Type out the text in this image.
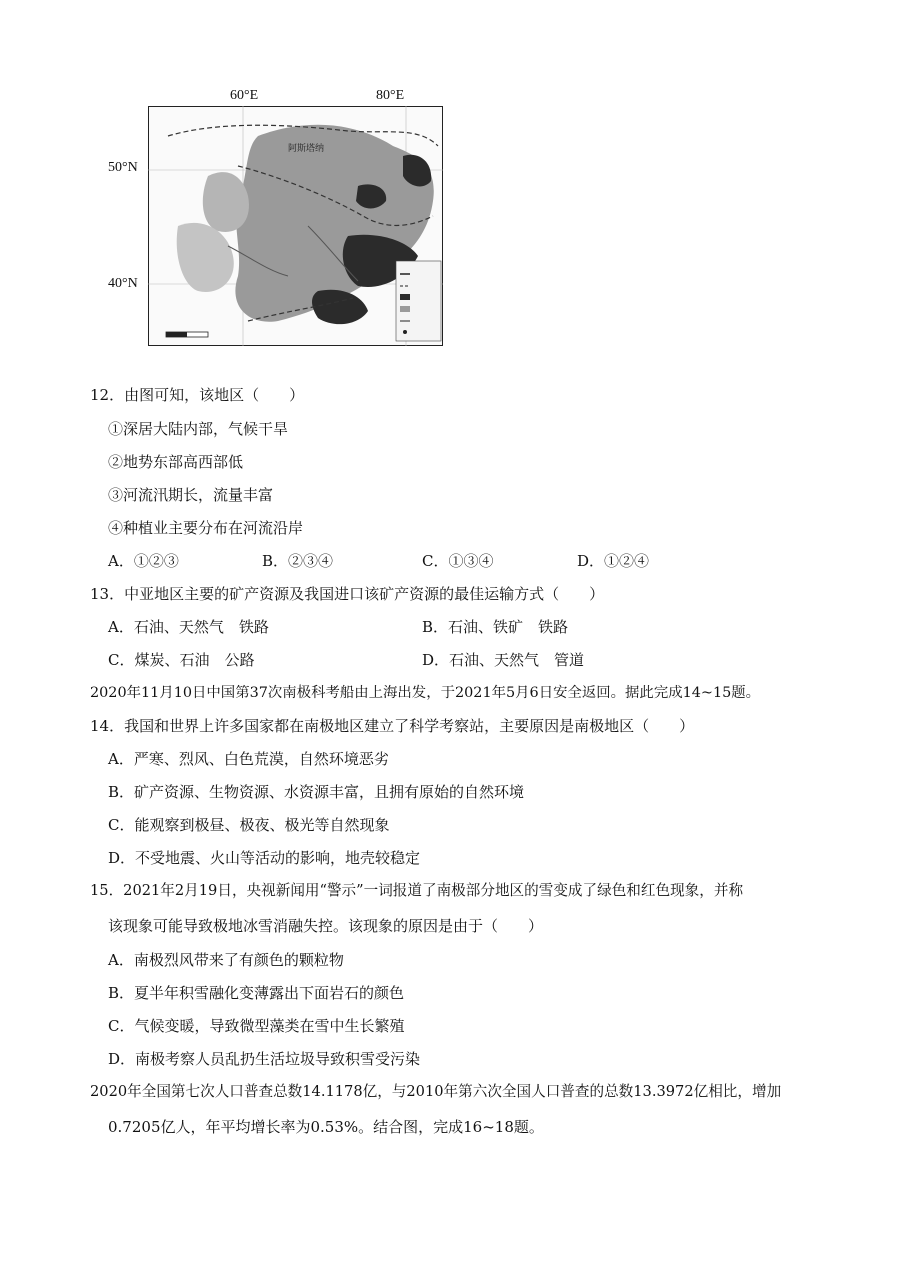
60°E	80°E
50°N
40°N
阿斯塔纳
12．由图可知，该地区（　　）
①深居大陆内部，气候干旱
②地势东部高西部低
③河流汛期长，流量丰富
④种植业主要分布在河流沿岸
A．①②③	B．②③④	C．①③④	D．①②④
13．中亚地区主要的矿产资源及我国进口该矿产资源的最佳运输方式（　　）
A．石油、天然气　铁路	B．石油、铁矿　铁路
C．煤炭、石油　公路	D．石油、天然气　管道
2020年11月10日中国第37次南极科考船由上海出发，于2021年5月6日安全返回。据此完成14~15题。
14．我国和世界上许多国家都在南极地区建立了科学考察站，主要原因是南极地区（　　）
A．严寒、烈风、白色荒漠，自然环境恶劣
B．矿产资源、生物资源、水资源丰富，且拥有原始的自然环境
C．能观察到极昼、极夜、极光等自然现象
D．不受地震、火山等活动的影响，地壳较稳定
15．2021年2月19日，央视新闻用“警示”一词报道了南极部分地区的雪变成了绿色和红色现象，并称
该现象可能导致极地冰雪消融失控。该现象的原因是由于（　　）
A．南极烈风带来了有颜色的颗粒物
B．夏半年积雪融化变薄露出下面岩石的颜色
C．气候变暖，导致微型藻类在雪中生长繁殖
D．南极考察人员乱扔生活垃圾导致积雪受污染
2020年全国第七次人口普查总数14.1178亿，与2010年第六次全国人口普查的总数13.3972亿相比，增加
0.7205亿人，年平均增长率为0.53%。结合图，完成16~18题。
